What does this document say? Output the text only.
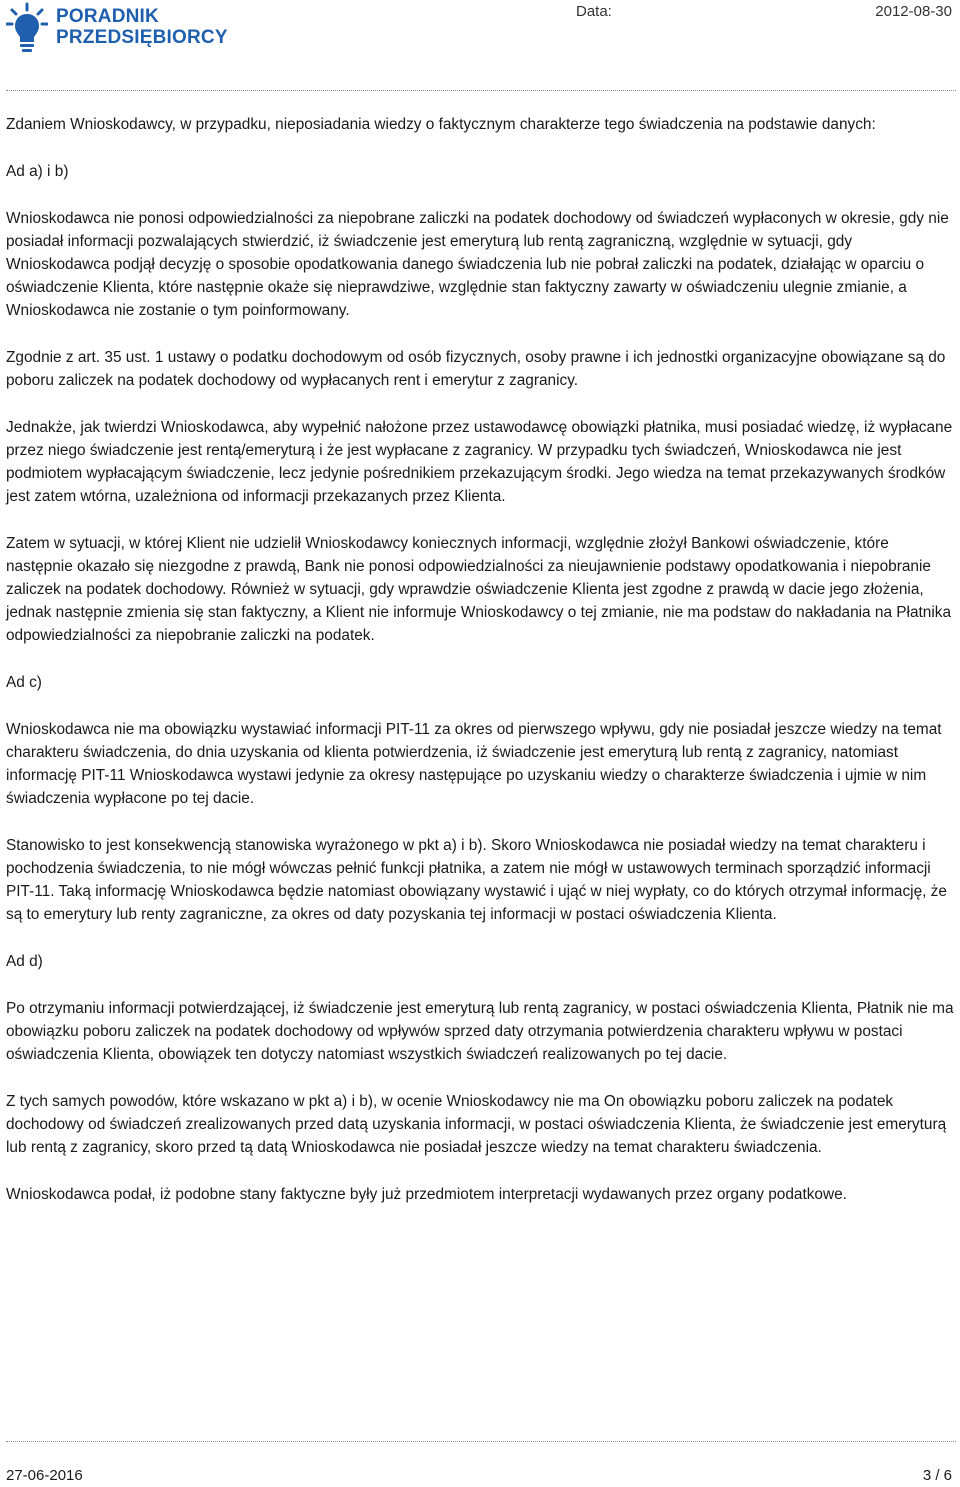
PORADNIK
PRZEDSIĘBIORCY
Data:	2012-08-30

Zdaniem Wnioskodawcy, w przypadku, nieposiadania wiedzy o faktycznym charakterze tego świadczenia na podstawie danych:

Ad a) i b)

Wnioskodawca nie ponosi odpowiedzialności za niepobrane zaliczki na podatek dochodowy od świadczeń wypłaconych w okresie, gdy nie posiadał informacji pozwalających stwierdzić, iż świadczenie jest emeryturą lub rentą zagraniczną, względnie w sytuacji, gdy Wnioskodawca podjął decyzję o sposobie opodatkowania danego świadczenia lub nie pobrał zaliczki na podatek, działając w oparciu o oświadczenie Klienta, które następnie okaże się nieprawdziwe, względnie stan faktyczny zawarty w oświadczeniu ulegnie zmianie, a Wnioskodawca nie zostanie o tym poinformowany.

Zgodnie z art. 35 ust. 1 ustawy o podatku dochodowym od osób fizycznych, osoby prawne i ich jednostki organizacyjne obowiązane są do poboru zaliczek na podatek dochodowy od wypłacanych rent i emerytur z zagranicy.

Jednakże, jak twierdzi Wnioskodawca, aby wypełnić nałożone przez ustawodawcę obowiązki płatnika, musi posiadać wiedzę, iż wypłacane przez niego świadczenie jest rentą/emeryturą i że jest wypłacane z zagranicy. W przypadku tych świadczeń, Wnioskodawca nie jest podmiotem wypłacającym świadczenie, lecz jedynie pośrednikiem przekazującym środki. Jego wiedza na temat przekazywanych środków jest zatem wtórna, uzależniona od informacji przekazanych przez Klienta.

Zatem w sytuacji, w której Klient nie udzielił Wnioskodawcy koniecznych informacji, względnie złożył Bankowi oświadczenie, które następnie okazało się niezgodne z prawdą, Bank nie ponosi odpowiedzialności za nieujawnienie podstawy opodatkowania i niepobranie zaliczek na podatek dochodowy. Również w sytuacji, gdy wprawdzie oświadczenie Klienta jest zgodne z prawdą w dacie jego złożenia, jednak następnie zmienia się stan faktyczny, a Klient nie informuje Wnioskodawcy o tej zmianie, nie ma podstaw do nakładania na Płatnika odpowiedzialności za niepobranie zaliczki na podatek.

Ad c)

Wnioskodawca nie ma obowiązku wystawiać informacji PIT-11 za okres od pierwszego wpływu, gdy nie posiadał jeszcze wiedzy na temat charakteru świadczenia, do dnia uzyskania od klienta potwierdzenia, iż świadczenie jest emeryturą lub rentą z zagranicy, natomiast informację PIT-11 Wnioskodawca wystawi jedynie za okresy następujące po uzyskaniu wiedzy o charakterze świadczenia i ujmie w nim świadczenia wypłacone po tej dacie.

Stanowisko to jest konsekwencją stanowiska wyrażonego w pkt a) i b). Skoro Wnioskodawca nie posiadał wiedzy na temat charakteru i pochodzenia świadczenia, to nie mógł wówczas pełnić funkcji płatnika, a zatem nie mógł w ustawowych terminach sporządzić informacji PIT-11. Taką informację Wnioskodawca będzie natomiast obowiązany wystawić i ująć w niej wypłaty, co do których otrzymał informację, że są to emerytury lub renty zagraniczne, za okres od daty pozyskania tej informacji w postaci oświadczenia Klienta.

Ad d)

Po otrzymaniu informacji potwierdzającej, iż świadczenie jest emeryturą lub rentą zagranicy, w postaci oświadczenia Klienta, Płatnik nie ma obowiązku poboru zaliczek na podatek dochodowy od wpływów sprzed daty otrzymania potwierdzenia charakteru wpływu w postaci oświadczenia Klienta, obowiązek ten dotyczy natomiast wszystkich świadczeń realizowanych po tej dacie.

Z tych samych powodów, które wskazano w pkt a) i b), w ocenie Wnioskodawcy nie ma On obowiązku poboru zaliczek na podatek dochodowy od świadczeń zrealizowanych przed datą uzyskania informacji, w postaci oświadczenia Klienta, że świadczenie jest emeryturą lub rentą z zagranicy, skoro przed tą datą Wnioskodawca nie posiadał jeszcze wiedzy na temat charakteru świadczenia.

Wnioskodawca podał, iż podobne stany faktyczne były już przedmiotem interpretacji wydawanych przez organy podatkowe.

27-06-2016	3 / 6
